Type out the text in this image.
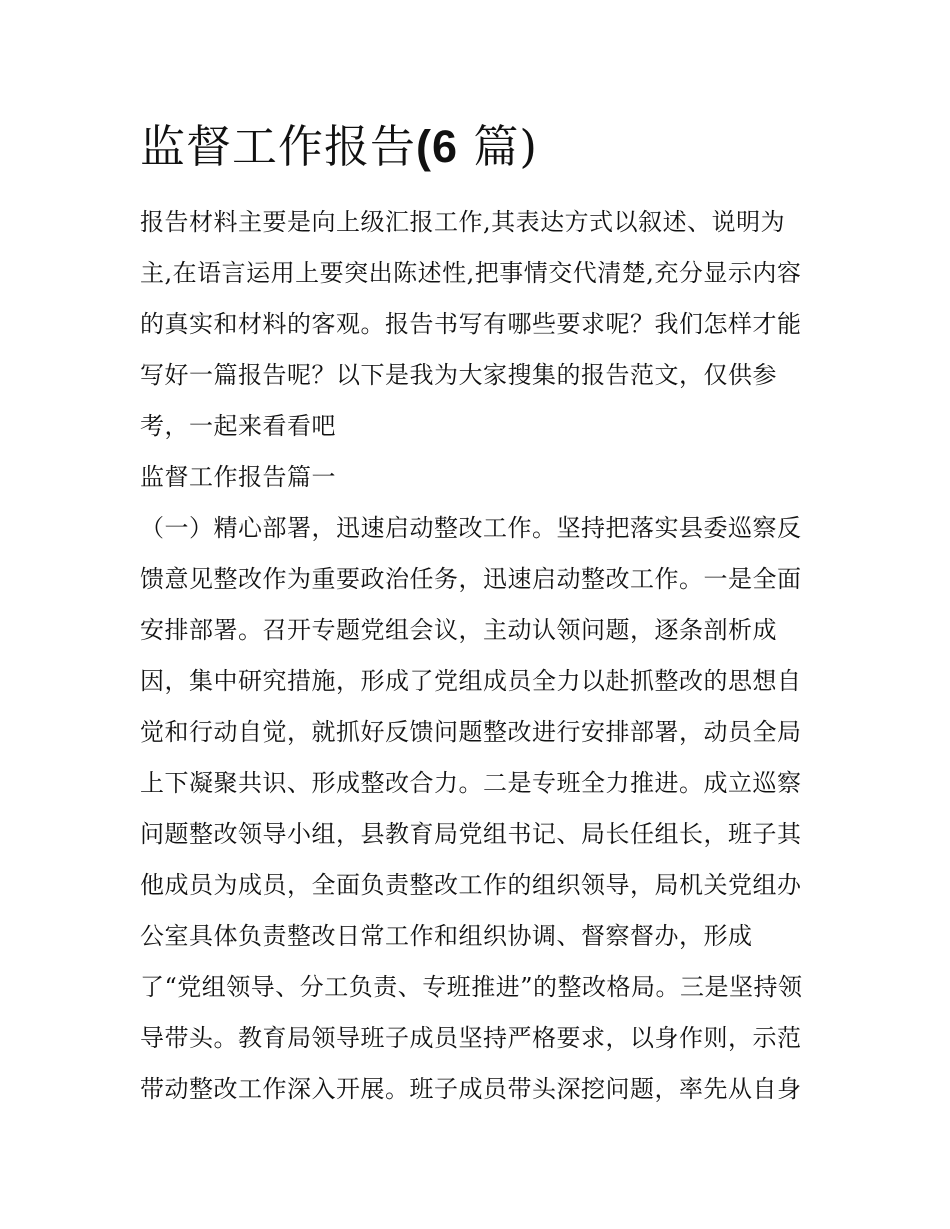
监督工作报告(6 篇)
报告材料主要是向上级汇报工作,其表达方式以叙述、说明为
主,在语言运用上要突出陈述性,把事情交代清楚,充分显示内容
的真实和材料的客观。报告书写有哪些要求呢？我们怎样才能
写好一篇报告呢？以下是我为大家搜集的报告范文，仅供参
考，一起来看看吧
监督工作报告篇一
（一）精心部署，迅速启动整改工作。坚持把落实县委巡察反
馈意见整改作为重要政治任务，迅速启动整改工作。一是全面
安排部署。召开专题党组会议，主动认领问题，逐条剖析成
因，集中研究措施，形成了党组成员全力以赴抓整改的思想自
觉和行动自觉，就抓好反馈问题整改进行安排部署，动员全局
上下凝聚共识、形成整改合力。二是专班全力推进。成立巡察
问题整改领导小组，县教育局党组书记、局长任组长，班子其
他成员为成员，全面负责整改工作的组织领导，局机关党组办
公室具体负责整改日常工作和组织协调、督察督办，形成
了“党组领导、分工负责、专班推进”的整改格局。三是坚持领
导带头。教育局领导班子成员坚持严格要求，以身作则，示范
带动整改工作深入开展。班子成员带头深挖问题，率先从自身
